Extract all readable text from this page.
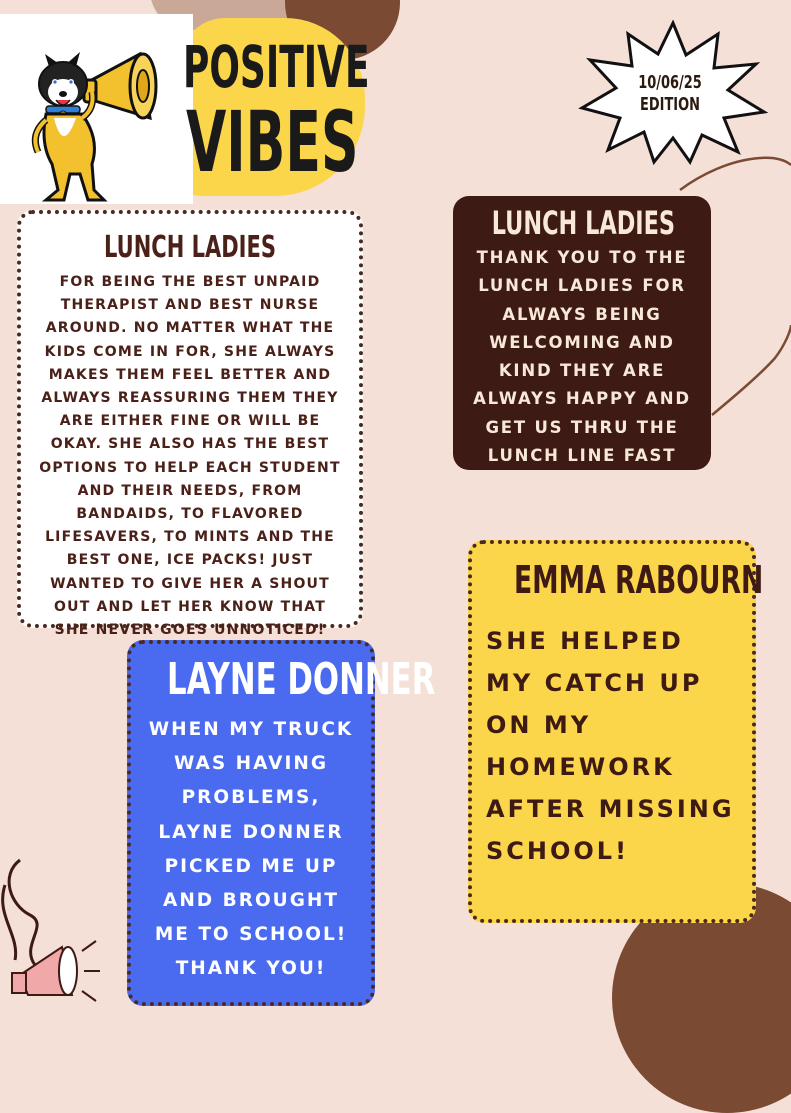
POSITIVE
VIBES
10/06/25
EDITION
LUNCH LADIES
FOR BEING THE BEST UNPAID THERAPIST AND BEST NURSE AROUND. NO MATTER WHAT THE KIDS COME IN FOR, SHE ALWAYS MAKES THEM FEEL BETTER AND ALWAYS REASSURING THEM THEY ARE EITHER FINE OR WILL BE OKAY. SHE ALSO HAS THE BEST OPTIONS TO HELP EACH STUDENT AND THEIR NEEDS, FROM BANDAIDS, TO FLAVORED LIFESAVERS, TO MINTS AND THE BEST ONE, ICE PACKS! JUST WANTED TO GIVE HER A SHOUT OUT AND LET HER KNOW THAT SHE NEVER GOES UNNOTICED!
LUNCH LADIES
THANK YOU TO THE LUNCH LADIES FOR ALWAYS BEING WELCOMING AND KIND THEY ARE ALWAYS HAPPY AND GET US THRU THE LUNCH LINE FAST
LAYNE DONNER
WHEN MY TRUCK WAS HAVING PROBLEMS, LAYNE DONNER PICKED ME UP AND BROUGHT ME TO SCHOOL! THANK YOU!
EMMA RABOURN
SHE HELPED MY CATCH UP ON MY HOMEWORK AFTER MISSING SCHOOL!
